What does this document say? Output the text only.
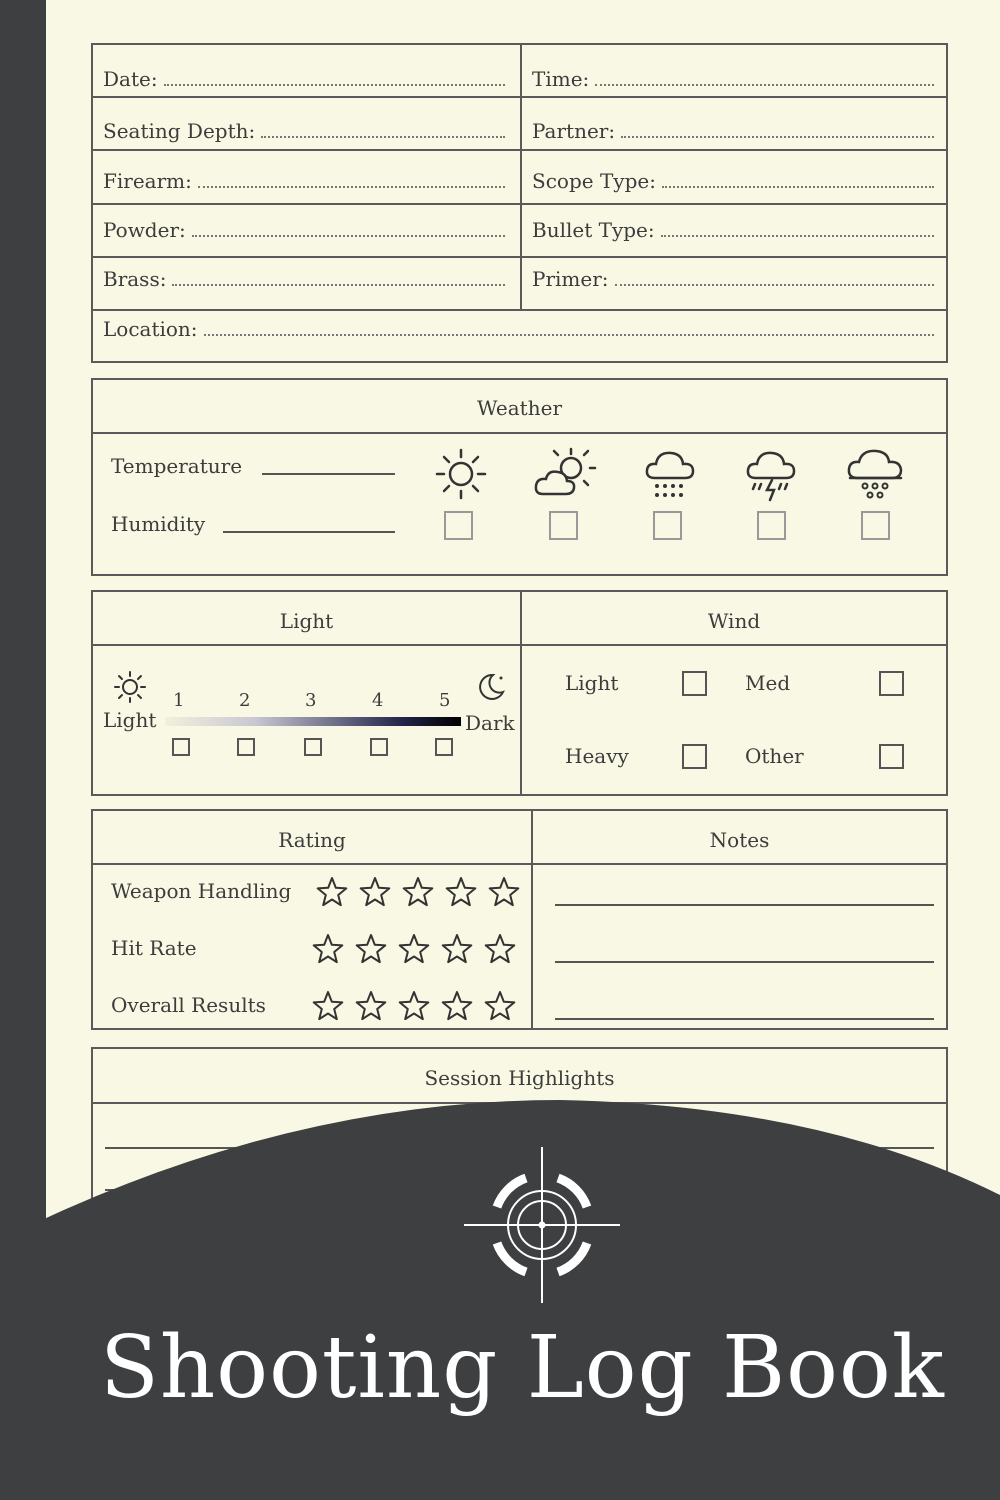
Date:	Time:
Seating Depth:	Partner:
Firearm:	Scope Type:
Powder:	Bullet Type:
Brass:	Primer:
Location:
Weather
Temperature
Humidity
Light	Wind
Light	Dark
1	2	3	4	5
Light	Med
Heavy	Other
Rating	Notes
Weapon Handling
Hit Rate
Overall Results
Session Highlights
Shooting Log Book
